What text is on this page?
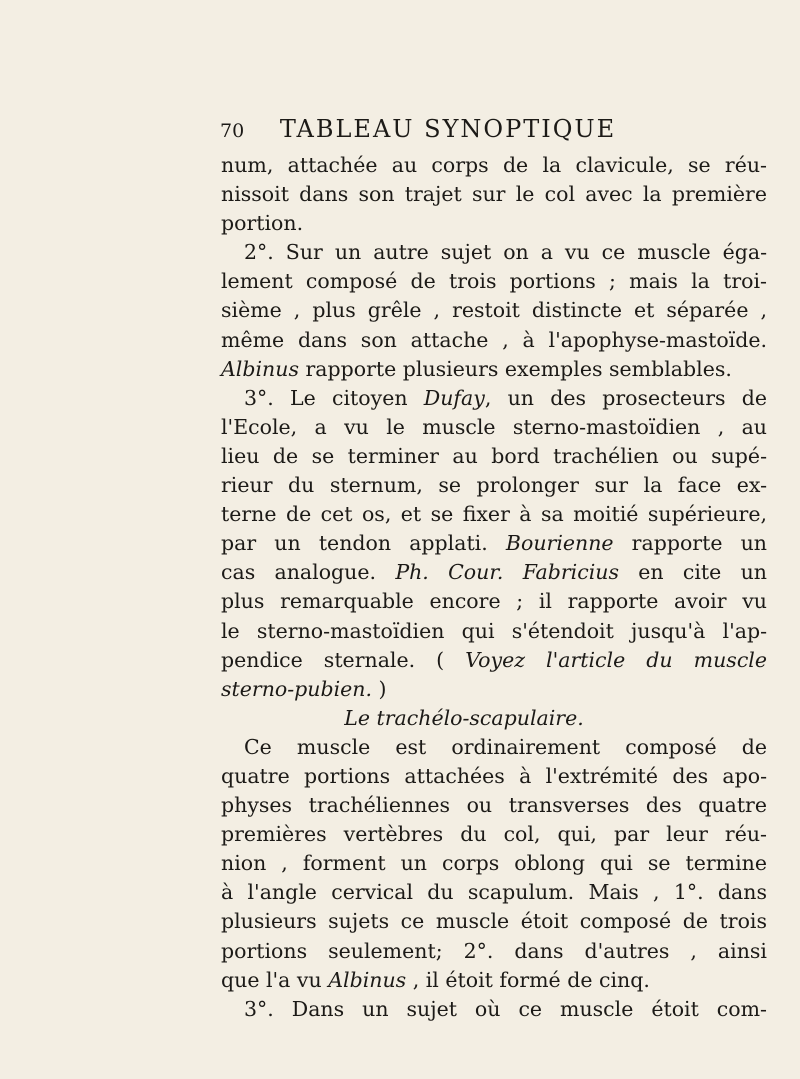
70 TABLEAU SYNOPTIQUE
num, attachée au corps de la clavicule, se réu-
nissoit dans son trajet sur le col avec la première
portion.
2°. Sur un autre sujet on a vu ce muscle éga-
lement composé de trois portions ; mais la troi-
sième , plus grêle , restoit distincte et séparée ,
même dans son attache , à l'apophyse-mastoïde.
Albinus rapporte plusieurs exemples semblables.
3°. Le citoyen Dufay, un des prosecteurs de
l'Ecole, a vu le muscle sterno-mastoïdien , au
lieu de se terminer au bord trachélien ou supé-
rieur du sternum, se prolonger sur la face ex-
terne de cet os, et se fixer à sa moitié supérieure,
par un tendon applati. Bourienne rapporte un
cas analogue. Ph. Cour. Fabricius en cite un
plus remarquable encore ; il rapporte avoir vu
le sterno-mastoïdien qui s'étendoit jusqu'à l'ap-
pendice sternale. ( Voyez l'article du muscle
sterno-pubien. )
Le trachélo-scapulaire.
Ce muscle est ordinairement composé de
quatre portions attachées à l'extrémité des apo-
physes trachéliennes ou transverses des quatre
premières vertèbres du col, qui, par leur réu-
nion , forment un corps oblong qui se termine
à l'angle cervical du scapulum. Mais , 1°. dans
plusieurs sujets ce muscle étoit composé de trois
portions seulement; 2°. dans d'autres , ainsi
que l'a vu Albinus , il étoit formé de cinq.
3°. Dans un sujet où ce muscle étoit com-
